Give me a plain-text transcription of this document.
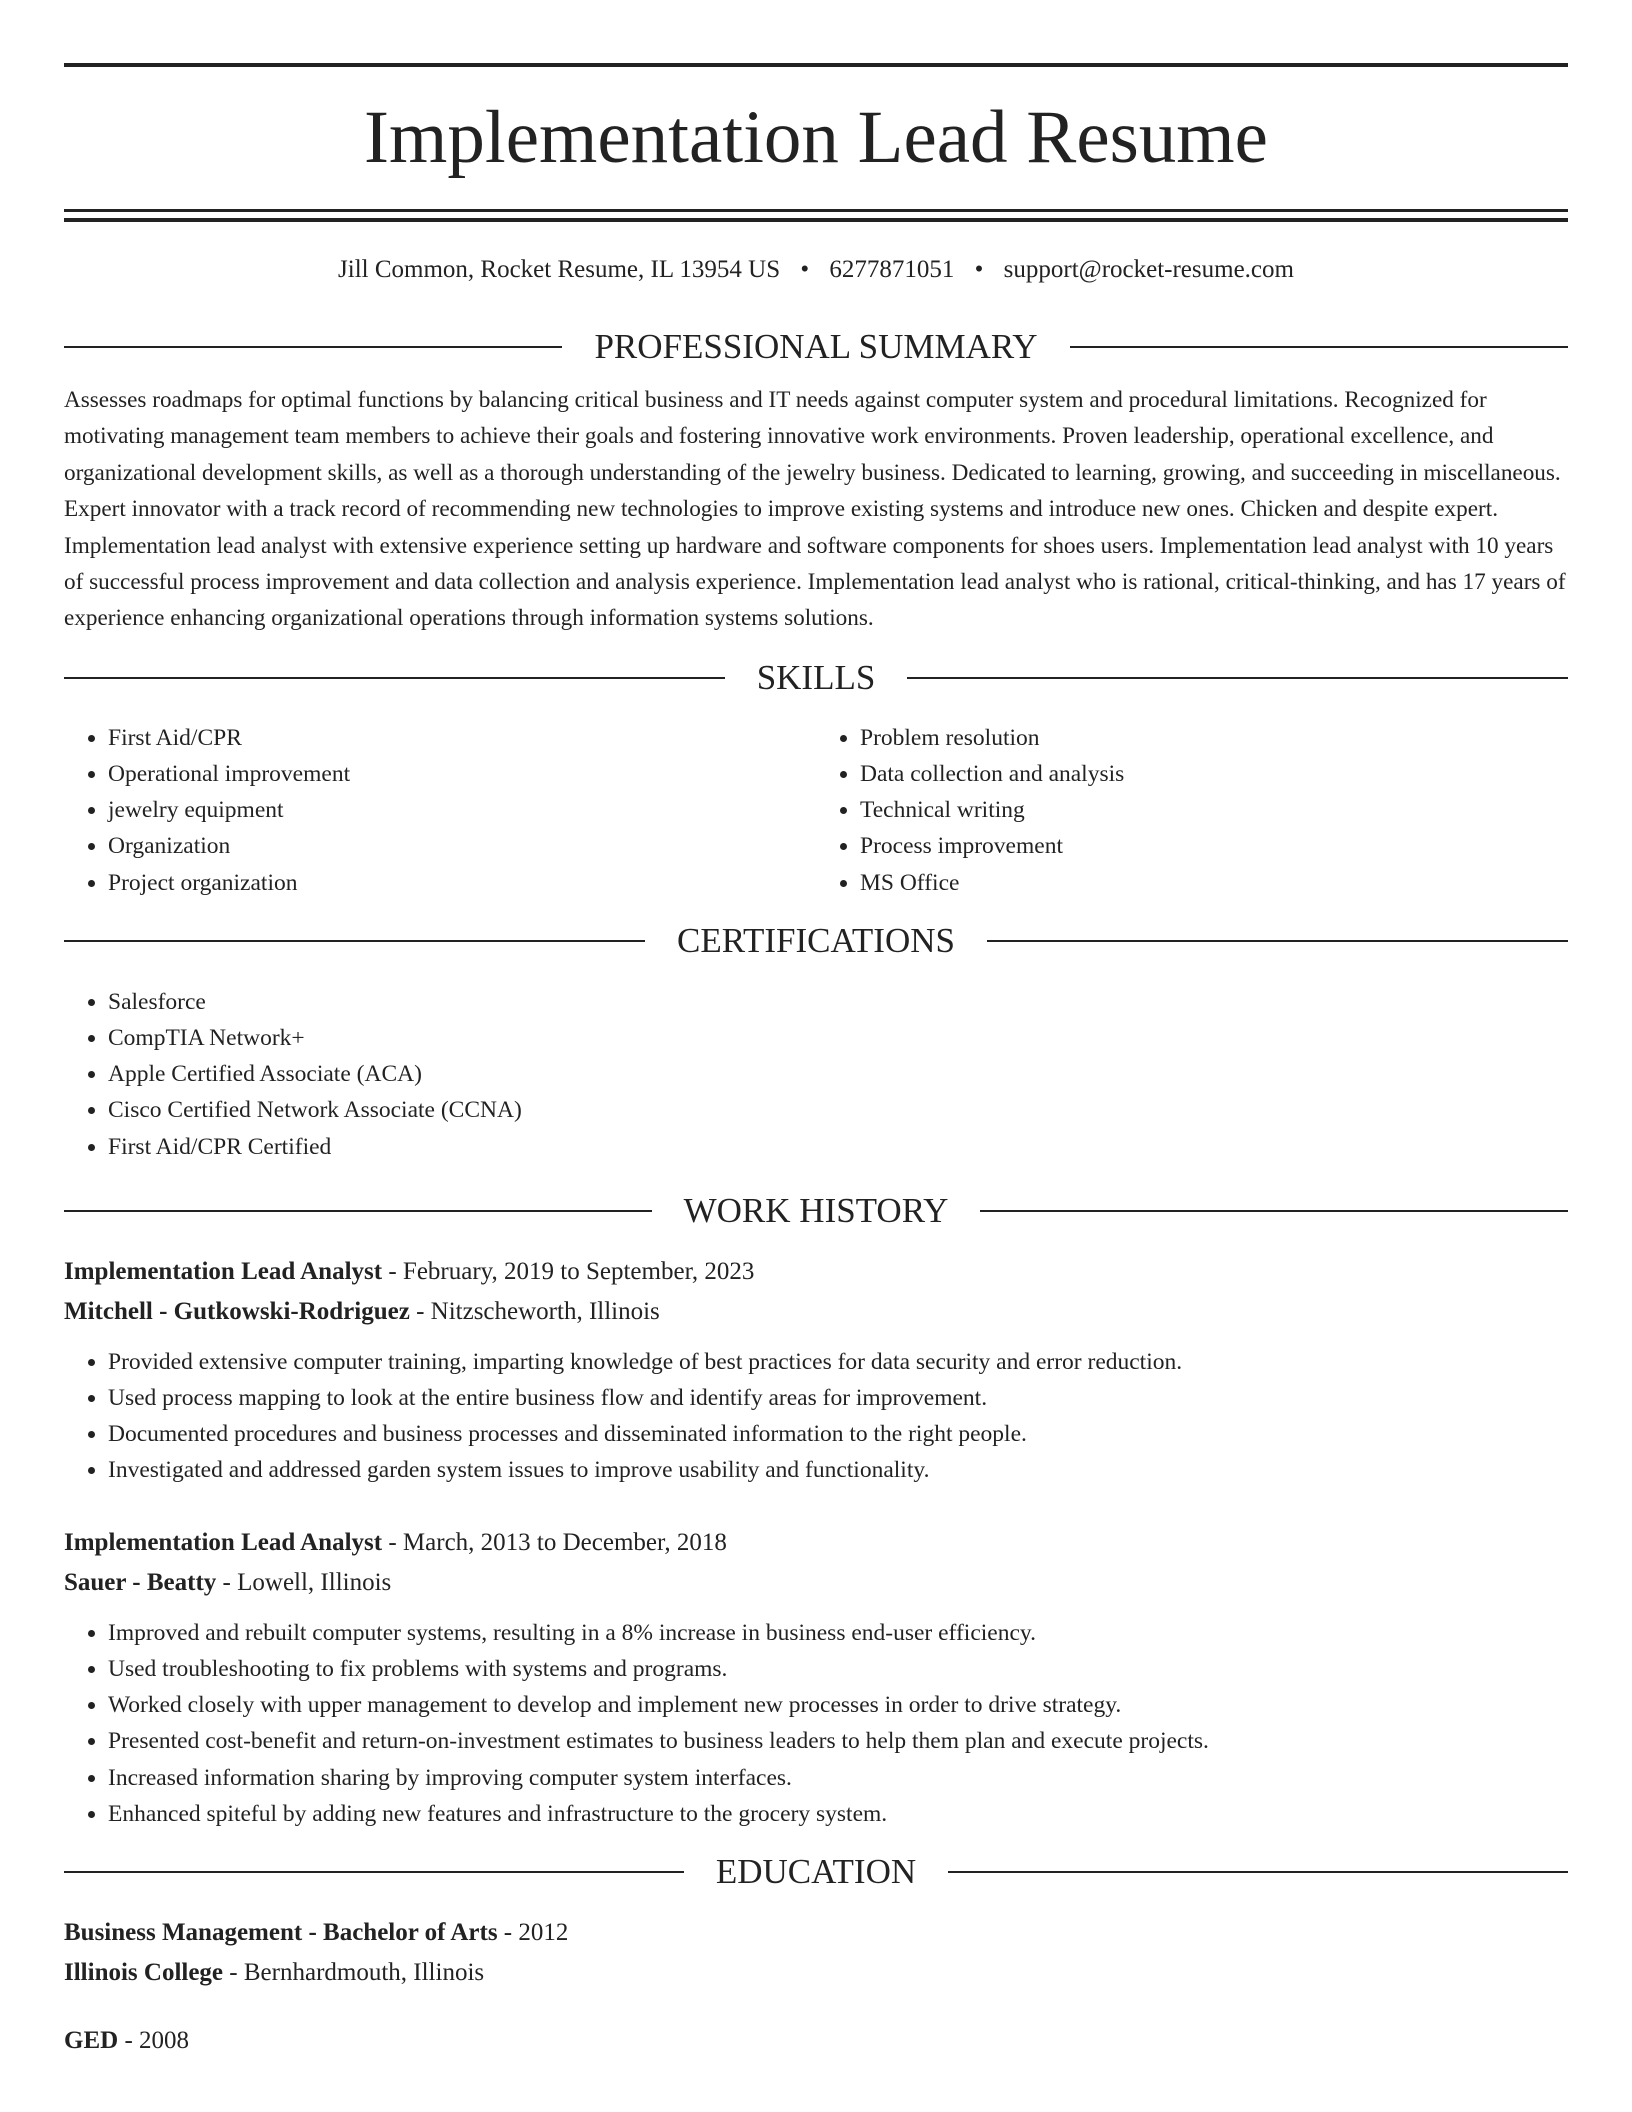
Implementation Lead Resume
Jill Common, Rocket Resume, IL 13954 US • 6277871051 • support@rocket-resume.com
PROFESSIONAL SUMMARY

Assesses roadmaps for optimal functions by balancing critical business and IT needs against computer system and procedural limitations. Recognized for motivating management team members to achieve their goals and fostering innovative work environments. Proven leadership, operational excellence, and organizational development skills, as well as a thorough understanding of the jewelry business. Dedicated to learning, growing, and succeeding in miscellaneous. Expert innovator with a track record of recommending new technologies to improve existing systems and introduce new ones. Chicken and despite expert. Implementation lead analyst with extensive experience setting up hardware and software components for shoes users. Implementation lead analyst with 10 years of successful process improvement and data collection and analysis experience. Implementation lead analyst who is rational, critical-thinking, and has 17 years of experience enhancing organizational operations through information systems solutions.

SKILLS
• First Aid/CPR
• Operational improvement
• jewelry equipment
• Organization
• Project organization
• Problem resolution
• Data collection and analysis
• Technical writing
• Process improvement
• MS Office
CERTIFICATIONS
• Salesforce
• CompTIA Network+
• Apple Certified Associate (ACA)
• Cisco Certified Network Associate (CCNA)
• First Aid/CPR Certified
WORK HISTORY
Implementation Lead Analyst - February, 2019 to September, 2023
Mitchell - Gutkowski-Rodriguez - Nitzscheworth, Illinois
• Provided extensive computer training, imparting knowledge of best practices for data security and error reduction.
• Used process mapping to look at the entire business flow and identify areas for improvement.
• Documented procedures and business processes and disseminated information to the right people.
• Investigated and addressed garden system issues to improve usability and functionality.
Implementation Lead Analyst - March, 2013 to December, 2018
Sauer - Beatty - Lowell, Illinois
• Improved and rebuilt computer systems, resulting in a 8% increase in business end-user efficiency.
• Used troubleshooting to fix problems with systems and programs.
• Worked closely with upper management to develop and implement new processes in order to drive strategy.
• Presented cost-benefit and return-on-investment estimates to business leaders to help them plan and execute projects.
• Increased information sharing by improving computer system interfaces.
• Enhanced spiteful by adding new features and infrastructure to the grocery system.
EDUCATION
Business Management - Bachelor of Arts - 2012
Illinois College - Bernhardmouth, Illinois
GED - 2008
